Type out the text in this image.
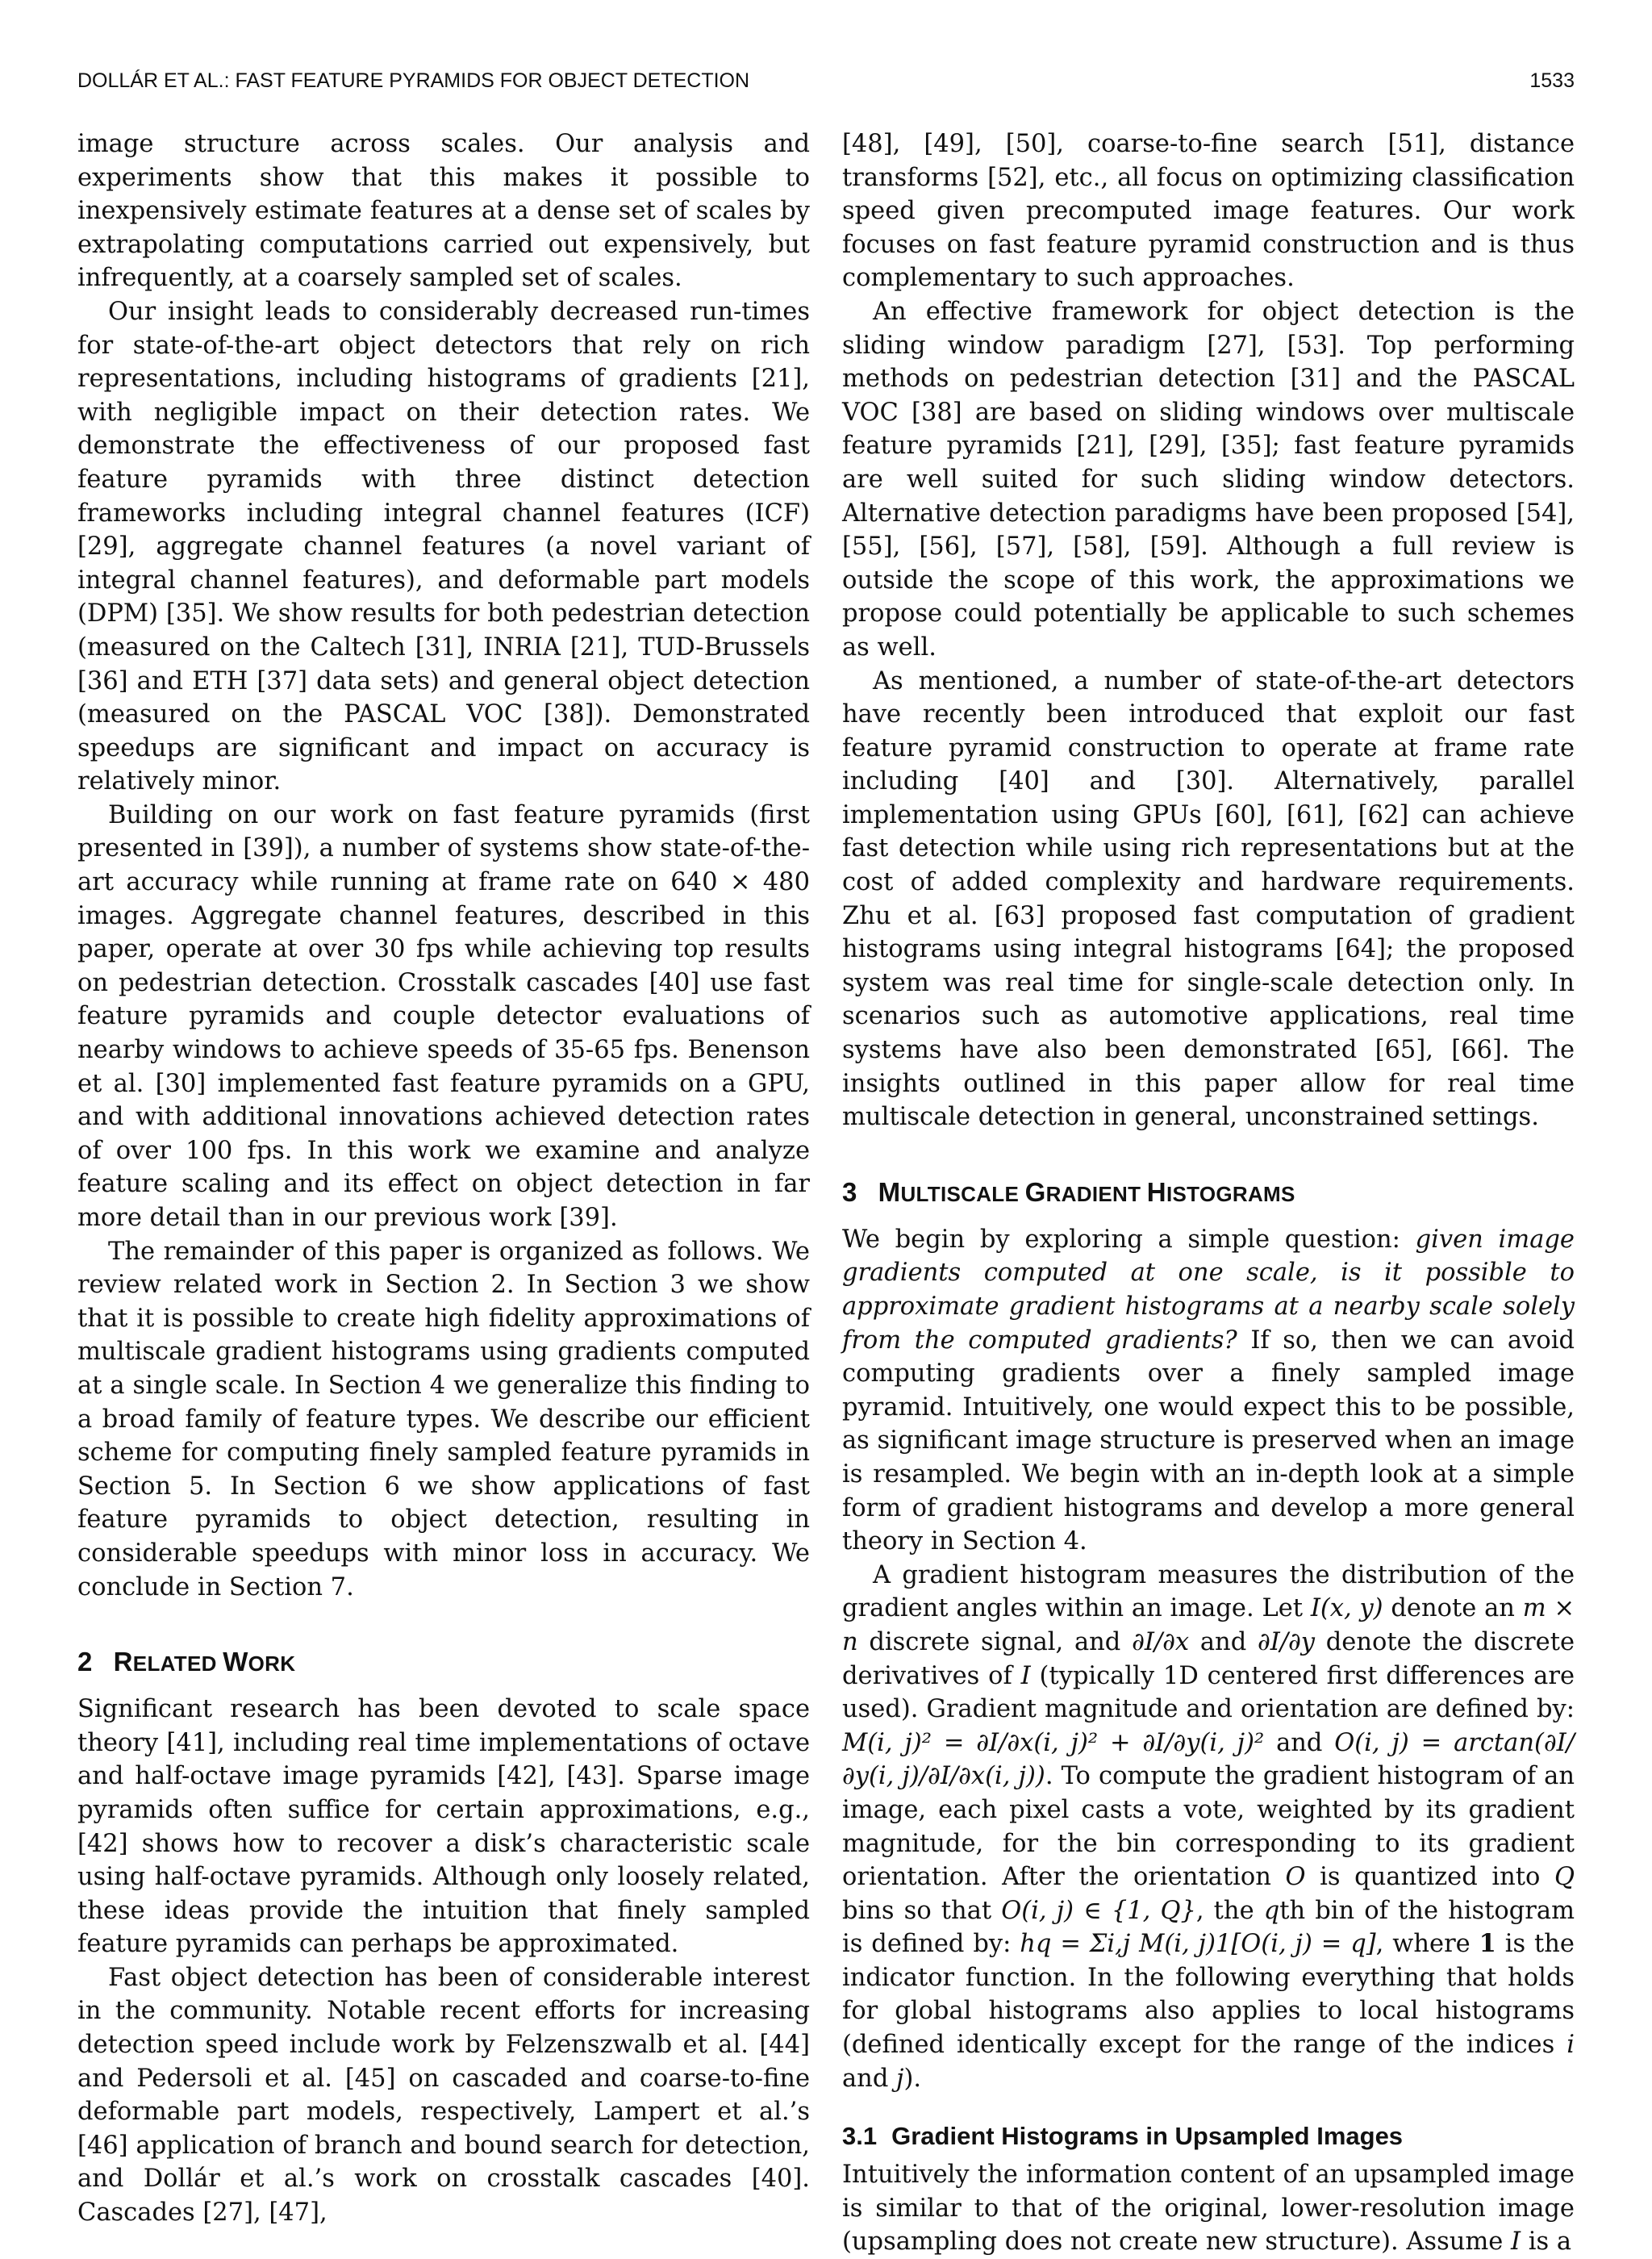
DOLLÁR ET AL.: FAST FEATURE PYRAMIDS FOR OBJECT DETECTION	1533

image structure across scales. Our analysis and experiments show that this makes it possible to inexpensively estimate features at a dense set of scales by extrapolating computations carried out expensively, but infrequently, at a coarsely sampled set of scales.

Our insight leads to considerably decreased run-times for state-of-the-art object detectors that rely on rich representations, including histograms of gradients [21], with negligible impact on their detection rates. We demonstrate the effectiveness of our proposed fast feature pyramids with three distinct detection frameworks including integral channel features (ICF) [29], aggregate channel features (a novel variant of integral channel features), and deformable part models (DPM) [35]. We show results for both pedestrian detection (measured on the Caltech [31], INRIA [21], TUD-Brussels [36] and ETH [37] data sets) and general object detection (measured on the PASCAL VOC [38]). Demonstrated speedups are significant and impact on accuracy is relatively minor.

Building on our work on fast feature pyramids (first presented in [39]), a number of systems show state-of-the-art accuracy while running at frame rate on 640 × 480 images. Aggregate channel features, described in this paper, operate at over 30 fps while achieving top results on pedestrian detection. Crosstalk cascades [40] use fast feature pyramids and couple detector evaluations of nearby windows to achieve speeds of 35-65 fps. Benenson et al. [30] implemented fast feature pyramids on a GPU, and with additional innovations achieved detection rates of over 100 fps. In this work we examine and analyze feature scaling and its effect on object detection in far more detail than in our previous work [39].

The remainder of this paper is organized as follows. We review related work in Section 2. In Section 3 we show that it is possible to create high fidelity approximations of multiscale gradient histograms using gradients computed at a single scale. In Section 4 we generalize this finding to a broad family of feature types. We describe our efficient scheme for computing finely sampled feature pyramids in Section 5. In Section 6 we show applications of fast feature pyramids to object detection, resulting in considerable speedups with minor loss in accuracy. We conclude in Section 7.

2 RELATED WORK

Significant research has been devoted to scale space theory [41], including real time implementations of octave and half-octave image pyramids [42], [43]. Sparse image pyramids often suffice for certain approximations, e.g., [42] shows how to recover a disk’s characteristic scale using half-octave pyramids. Although only loosely related, these ideas provide the intuition that finely sampled feature pyramids can perhaps be approximated.

Fast object detection has been of considerable interest in the community. Notable recent efforts for increasing detection speed include work by Felzenszwalb et al. [44] and Pedersoli et al. [45] on cascaded and coarse-to-fine deformable part models, respectively, Lampert et al.’s [46] application of branch and bound search for detection, and Dollár et al.’s work on crosstalk cascades [40]. Cascades [27], [47],

[48], [49], [50], coarse-to-fine search [51], distance transforms [52], etc., all focus on optimizing classification speed given precomputed image features. Our work focuses on fast feature pyramid construction and is thus complementary to such approaches.

An effective framework for object detection is the sliding window paradigm [27], [53]. Top performing methods on pedestrian detection [31] and the PASCAL VOC [38] are based on sliding windows over multiscale feature pyramids [21], [29], [35]; fast feature pyramids are well suited for such sliding window detectors. Alternative detection paradigms have been proposed [54], [55], [56], [57], [58], [59]. Although a full review is outside the scope of this work, the approximations we propose could potentially be applicable to such schemes as well.

As mentioned, a number of state-of-the-art detectors have recently been introduced that exploit our fast feature pyramid construction to operate at frame rate including [40] and [30]. Alternatively, parallel implementation using GPUs [60], [61], [62] can achieve fast detection while using rich representations but at the cost of added complexity and hardware requirements. Zhu et al. [63] proposed fast computation of gradient histograms using integral histograms [64]; the proposed system was real time for single-scale detection only. In scenarios such as automotive applications, real time systems have also been demonstrated [65], [66]. The insights outlined in this paper allow for real time multiscale detection in general, unconstrained settings.

3 MULTISCALE GRADIENT HISTOGRAMS

We begin by exploring a simple question: given image gradients computed at one scale, is it possible to approximate gradient histograms at a nearby scale solely from the computed gradients? If so, then we can avoid computing gradients over a finely sampled image pyramid. Intuitively, one would expect this to be possible, as significant image structure is preserved when an image is resampled. We begin with an in-depth look at a simple form of gradient histograms and develop a more general theory in Section 4.

A gradient histogram measures the distribution of the gradient angles within an image. Let I(x, y) denote an m × n discrete signal, and ∂I/∂x and ∂I/∂y denote the discrete derivatives of I (typically 1D centered first differences are used). Gradient magnitude and orientation are defined by: M(i, j)² = ∂I/∂x(i, j)² + ∂I/∂y(i, j)² and O(i, j) = arctan(∂I/∂y(i, j)/∂I/∂x(i, j)). To compute the gradient histogram of an image, each pixel casts a vote, weighted by its gradient magnitude, for the bin corresponding to its gradient orientation. After the orientation O is quantized into Q bins so that O(i, j) ∈ {1, Q}, the qth bin of the histogram is defined by: hq = Σi,j M(i, j)1[O(i, j) = q], where 1 is the indicator function. In the following everything that holds for global histograms also applies to local histograms (defined identically except for the range of the indices i and j).

3.1 Gradient Histograms in Upsampled Images

Intuitively the information content of an upsampled image is similar to that of the original, lower-resolution image (upsampling does not create new structure). Assume I is a
